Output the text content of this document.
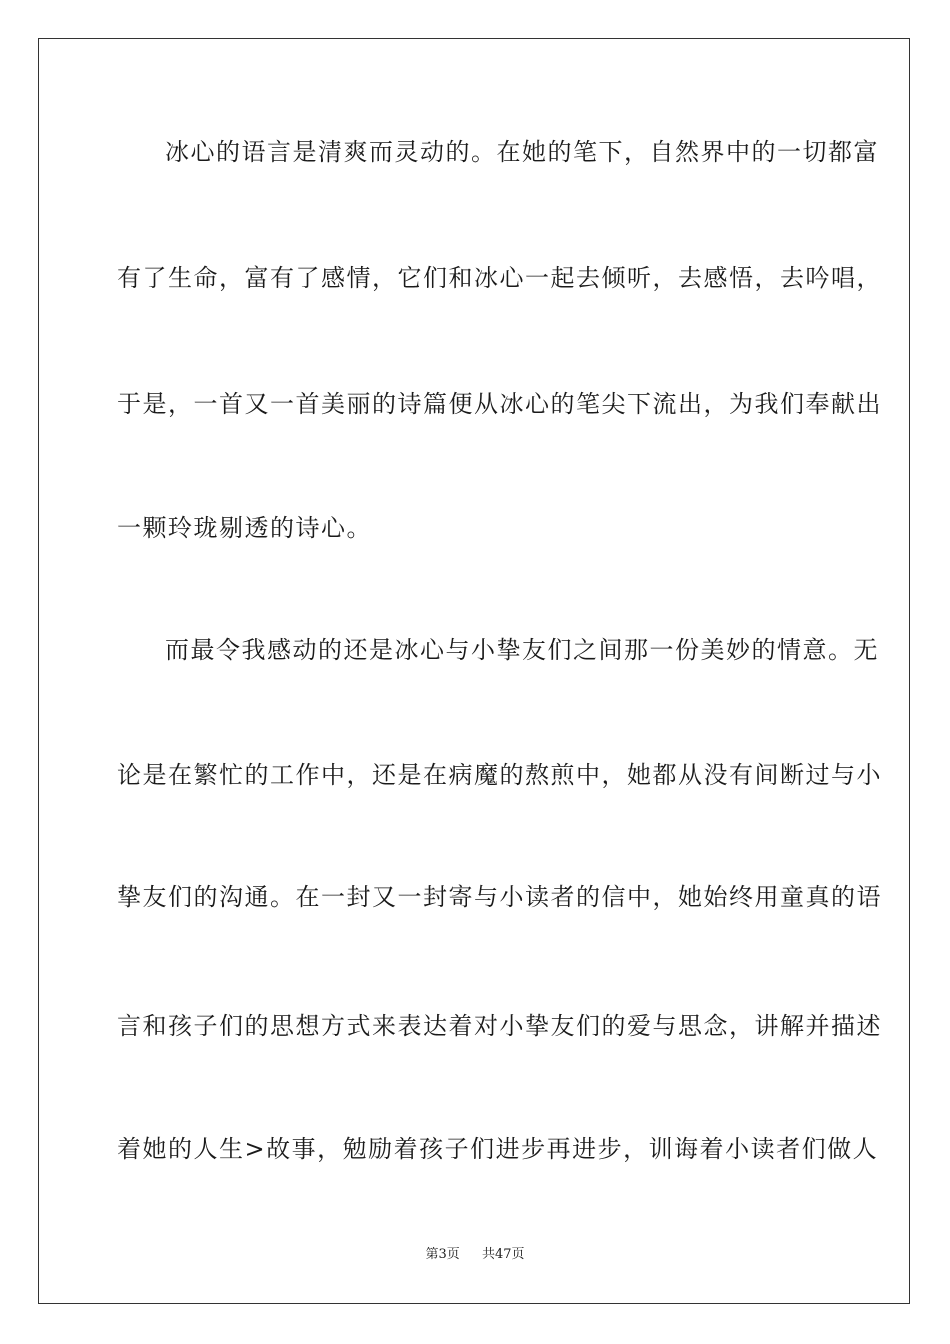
冰心的语言是清爽而灵动的。在她的笔下，自然界中的一切都富
有了生命，富有了感情，它们和冰心一起去倾听，去感悟，去吟唱，
于是，一首又一首美丽的诗篇便从冰心的笔尖下流出，为我们奉献出
一颗玲珑剔透的诗心。
而最令我感动的还是冰心与小挚友们之间那一份美妙的情意。无
论是在繁忙的工作中，还是在病魔的熬煎中，她都从没有间断过与小
挚友们的沟通。在一封又一封寄与小读者的信中，她始终用童真的语
言和孩子们的思想方式来表达着对小挚友们的爱与思念，讲解并描述
着她的人生>故事，勉励着孩子们进步再进步，训诲着小读者们做人
第3页 共47页
